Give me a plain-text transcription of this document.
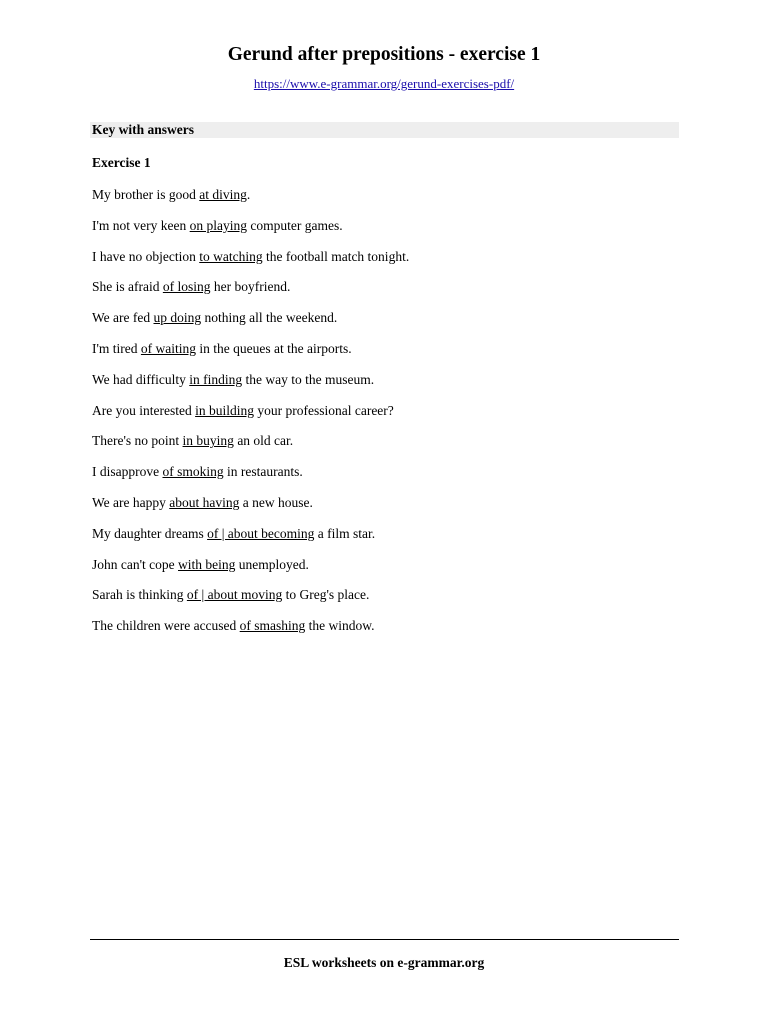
Gerund after prepositions - exercise 1
https://www.e-grammar.org/gerund-exercises-pdf/
Key with answers
Exercise 1
My brother is good at diving.
I'm not very keen on playing computer games.
I have no objection to watching the football match tonight.
She is afraid of losing her boyfriend.
We are fed up doing nothing all the weekend.
I'm tired of waiting in the queues at the airports.
We had difficulty in finding the way to the museum.
Are you interested in building your professional career?
There's no point in buying an old car.
I disapprove of smoking in restaurants.
We are happy about having a new house.
My daughter dreams of | about becoming a film star.
John can't cope with being unemployed.
Sarah is thinking of | about moving to Greg's place.
The children were accused of smashing the window.
ESL worksheets on e-grammar.org
